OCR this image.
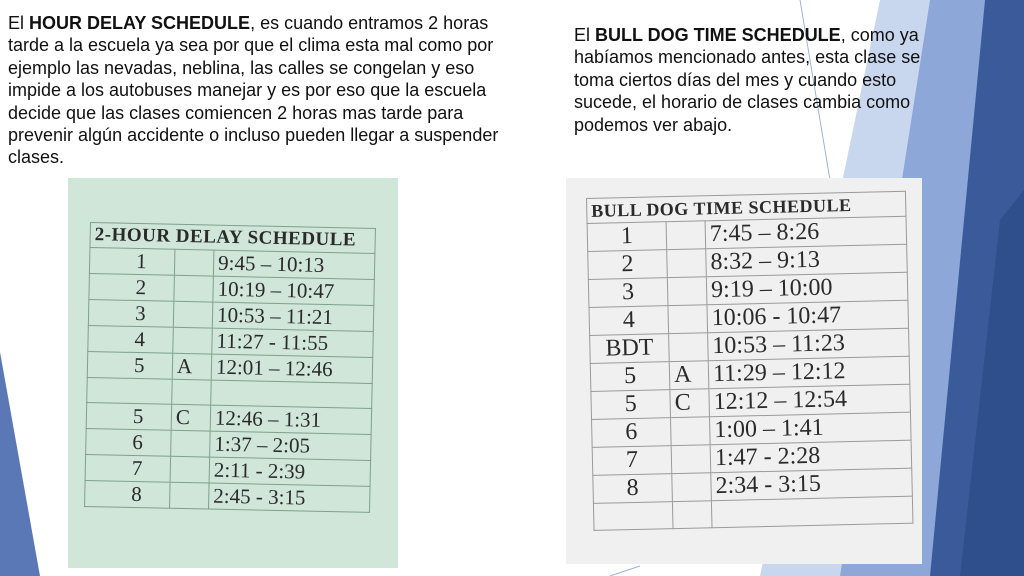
El HOUR DELAY SCHEDULE, es cuando entramos 2 horas tarde a la escuela ya sea por que el clima esta mal como por ejemplo las nevadas, neblina, las calles se congelan y eso impide a los autobuses manejar y es por eso que la escuela decide que las clases comiencen 2 horas mas tarde para prevenir algún accidente o incluso pueden llegar a suspender clases.
El BULL DOG TIME SCHEDULE, como ya habíamos mencionado antes, esta clase se toma ciertos días del mes y cuando esto sucede, el horario de clases cambia como podemos ver abajo.
2-HOUR DELAY SCHEDULE		
1		9:45 – 10:13
2		10:19 – 10:47
3		10:53 – 11:21
4		11:27 - 11:55
5	A	12:01 – 12:46

5	C	12:46 – 1:31
6		1:37 – 2:05
7		2:11 - 2:39
8		2:45 - 3:15
BULL DOG TIME SCHEDULE		
1		7:45 – 8:26
2		8:32 – 9:13
3		9:19 – 10:00
4		10:06 - 10:47
BDT		10:53 – 11:23
5	A	11:29 – 12:12
5	C	12:12 – 12:54
6		1:00 – 1:41
7		1:47 - 2:28
8		2:34 - 3:15
